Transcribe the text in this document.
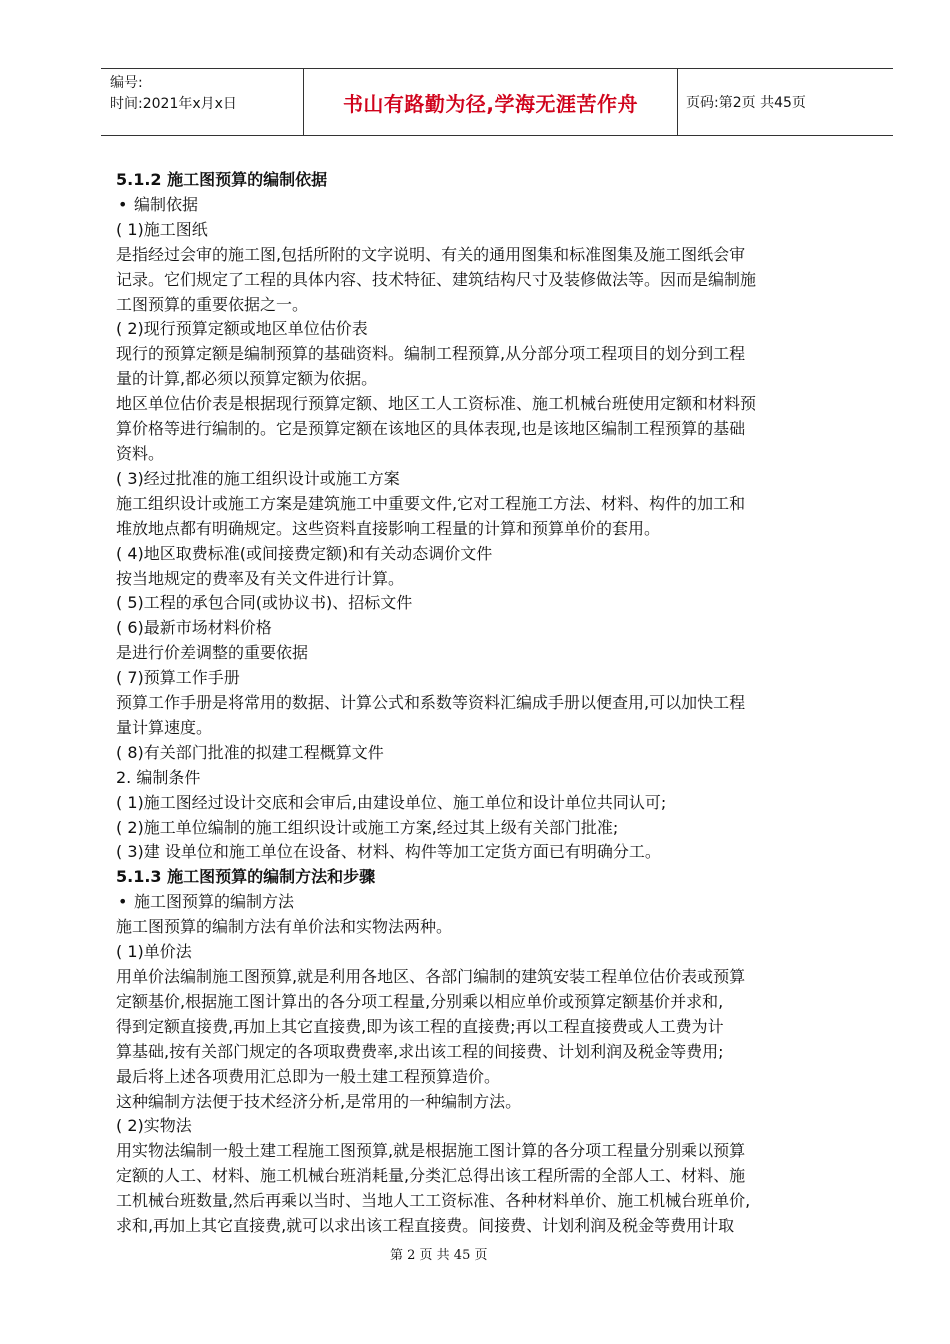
编号:
时间:2021年x月x日	书山有路勤为径,学海无涯苦作舟	页码:第2页 共45页
5.1.2 施工图预算的编制依据
• 编制依据
( 1)施工图纸
是指经过会审的施工图,包括所附的文字说明、有关的通用图集和标准图集及施工图纸会审
记录。它们规定了工程的具体内容、技术特征、建筑结构尺寸及装修做法等。因而是编制施
工图预算的重要依据之一。
( 2)现行预算定额或地区单位估价表
现行的预算定额是编制预算的基础资料。编制工程预算,从分部分项工程项目的划分到工程
量的计算,都必须以预算定额为依据。
地区单位估价表是根据现行预算定额、地区工人工资标准、施工机械台班使用定额和材料预
算价格等进行编制的。它是预算定额在该地区的具体表现,也是该地区编制工程预算的基础
资料。
( 3)经过批准的施工组织设计或施工方案
施工组织设计或施工方案是建筑施工中重要文件,它对工程施工方法、材料、构件的加工和
堆放地点都有明确规定。这些资料直接影响工程量的计算和预算单价的套用。
( 4)地区取费标准(或间接费定额)和有关动态调价文件
按当地规定的费率及有关文件进行计算。
( 5)工程的承包合同(或协议书)、招标文件
( 6)最新市场材料价格
是进行价差调整的重要依据
( 7)预算工作手册
预算工作手册是将常用的数据、计算公式和系数等资料汇编成手册以便查用,可以加快工程
量计算速度。
( 8)有关部门批准的拟建工程概算文件
2. 编制条件
( 1)施工图经过设计交底和会审后,由建设单位、施工单位和设计单位共同认可;
( 2)施工单位编制的施工组织设计或施工方案,经过其上级有关部门批准;
( 3)建 设单位和施工单位在设备、材料、构件等加工定货方面已有明确分工。
5.1.3 施工图预算的编制方法和步骤
• 施工图预算的编制方法
施工图预算的编制方法有单价法和实物法两种。
( 1)单价法
用单价法编制施工图预算,就是利用各地区、各部门编制的建筑安装工程单位估价表或预算
定额基价,根据施工图计算出的各分项工程量,分别乘以相应单价或预算定额基价并求和,
得到定额直接费,再加上其它直接费,即为该工程的直接费;再以工程直接费或人工费为计
算基础,按有关部门规定的各项取费费率,求出该工程的间接费、计划利润及税金等费用;
最后将上述各项费用汇总即为一般土建工程预算造价。
这种编制方法便于技术经济分析,是常用的一种编制方法。
( 2)实物法
用实物法编制一般土建工程施工图预算,就是根据施工图计算的各分项工程量分别乘以预算
定额的人工、材料、施工机械台班消耗量,分类汇总得出该工程所需的全部人工、材料、施
工机械台班数量,然后再乘以当时、当地人工工资标准、各种材料单价、施工机械台班单价,
求和,再加上其它直接费,就可以求出该工程直接费。间接费、计划利润及税金等费用计取
第 2 页 共 45 页
